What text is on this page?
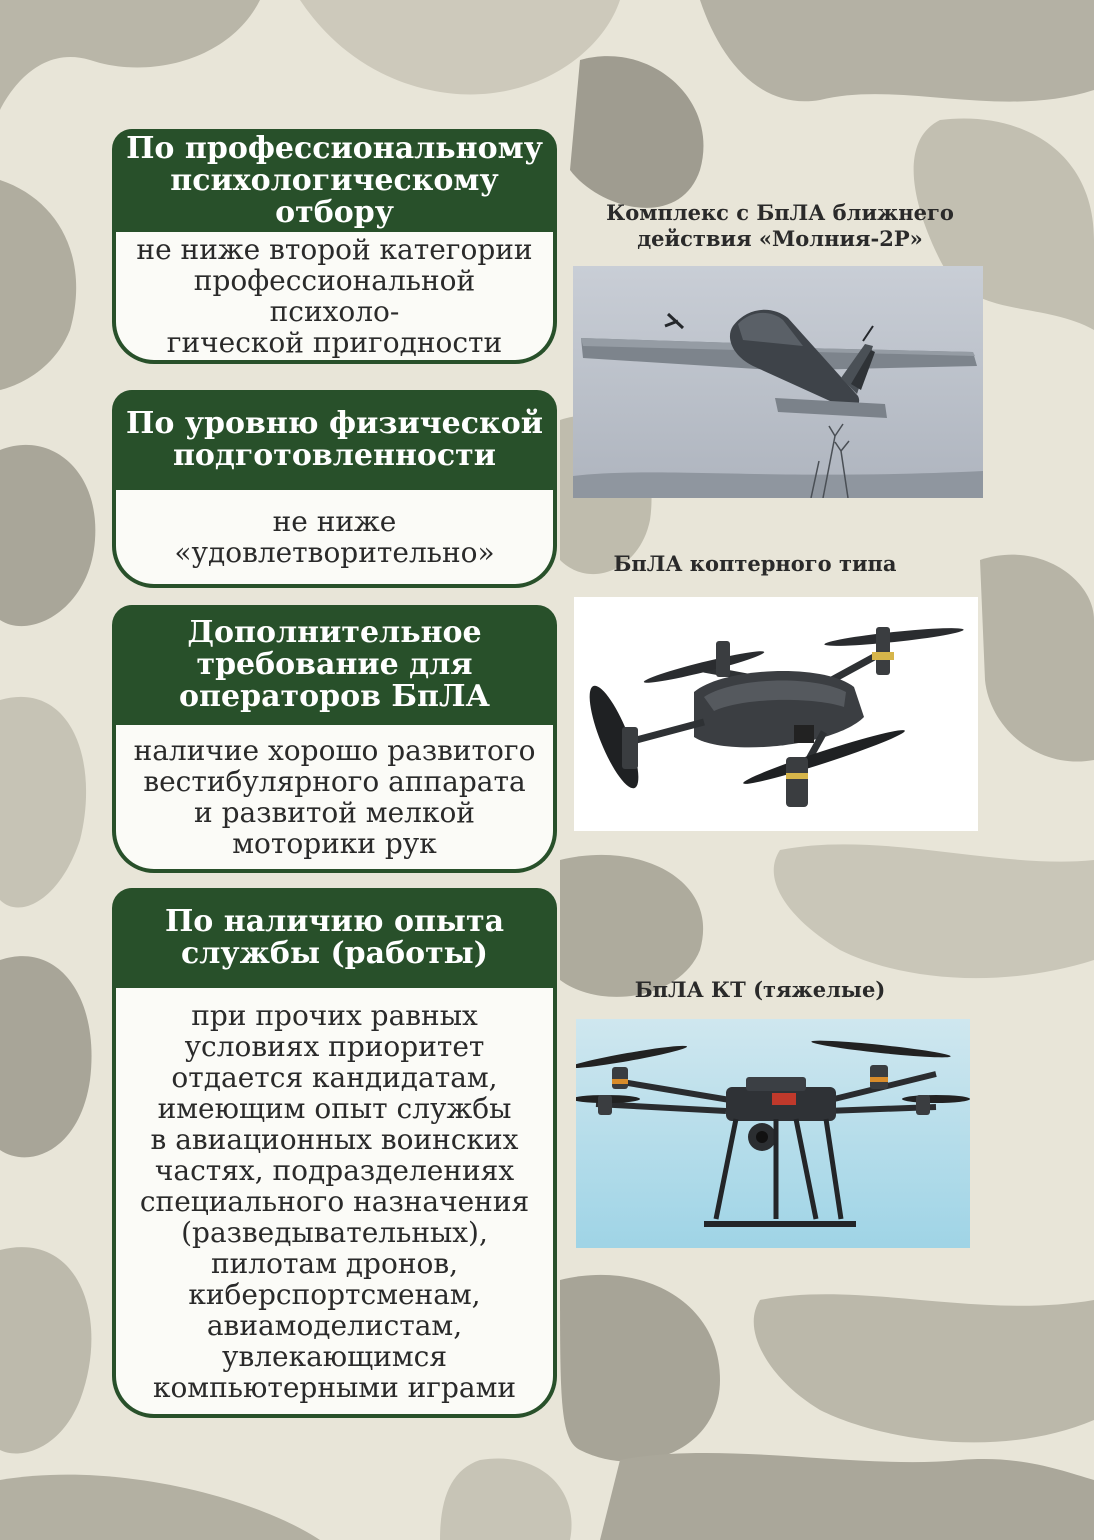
По профессиональному
психологическому отбору
не ниже второй категории
профессиональной психоло-
гической пригодности
По уровню физической
подготовленности
не ниже
«удовлетворительно»
Дополнительное
требование для
операторов БпЛА
наличие хорошо развитого
вестибулярного аппарата
и развитой мелкой
моторики рук
По наличию опыта
службы (работы)
при прочих равных
условиях приоритет
отдается кандидатам,
имеющим опыт службы
в авиационных воинских
частях, подразделениях
специального назначения
(разведывательных),
пилотам дронов,
киберспортсменам,
авиамоделистам,
увлекающимся
компьютерными играми
Комплекс с БпЛА ближнего
действия «Молния-2Р»
БпЛА коптерного типа
БпЛА КТ (тяжелые)
